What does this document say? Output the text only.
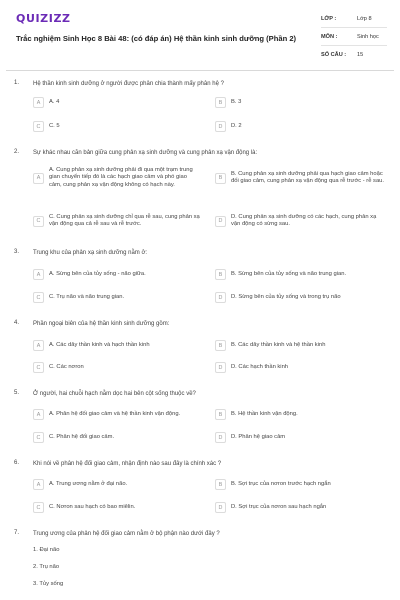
QUIZIZZ
Trắc nghiệm Sinh Học 8 Bài 48: (có đáp án) Hệ thần kinh sinh dưỡng (Phần 2)
LỚP :	Lớp 8
MÔN :	Sinh học
SỐ CÂU :	15
1. Hệ thần kinh sinh dưỡng ở người được phân chia thành mấy phân hệ ?
A	A. 4	B	B. 3
C	C. 5	D	D. 2
2. Sự khác nhau căn bản giữa cung phản xạ sinh dưỡng và cung phản xạ vận động là:
A
A. Cung phản xạ sinh dưỡng phải đi qua một trạm trung gian chuyển tiếp đó là các hạch giao cảm và phó giao cảm, cung phản xạ vận động không có hạch này.
B
B. Cung phản xạ sinh dưỡng phải qua hạch giao cảm hoặc đối giao cảm, cung phản xạ vận động qua rễ trước - rễ sau.
C
C. Cung phản xạ sinh dưỡng chỉ qua rễ sau, cung phản xạ vận động qua cả rễ sau và rễ trước.	D
D. Cung phản xạ sinh dưỡng có các hạch, cung phản xạ vận động có sừng sau.
3. Trung khu của phản xạ sinh dưỡng nằm ở:
A	A. Sừng bên của tủy sống - não giữa.	B	B. Sừng bên của tủy sống và não trung gian.
C	C. Trụ não và não trung gian.	D	D. Sừng bên của tủy sống và trong trụ não
4. Phần ngoại biên của hệ thần kinh sinh dưỡng gồm:
A	A. Các dây thần kinh và hạch thần kinh	B	B. Các dây thần kinh và hệ thần kinh
C	C. Các nơron	D	D. Các hạch thần kinh
5. Ở người, hai chuỗi hạch nằm dọc hai bên cột sống thuộc về?
A	A. Phân hệ đối giao cảm và hệ thần kinh vận động.	B	B. Hệ thần kinh vận động.
C	C. Phân hệ đối giao cảm.	D	D. Phân hệ giao cảm
6. Khi nói về phân hệ đối giao cảm, nhận định nào sau đây là chính xác ?
A	A. Trung ương nằm ở đại não.	B	B. Sợi trục của nơron trước hạch ngắn
C	C. Nơron sau hạch có bao miêlin.	D	D. Sợi trục của nơron sau hạch ngắn
7. Trung ương của phản hệ đối giao cảm nằm ở bộ phận nào dưới đây ?
1. Đại não
2. Trụ não
3. Tủy sống
